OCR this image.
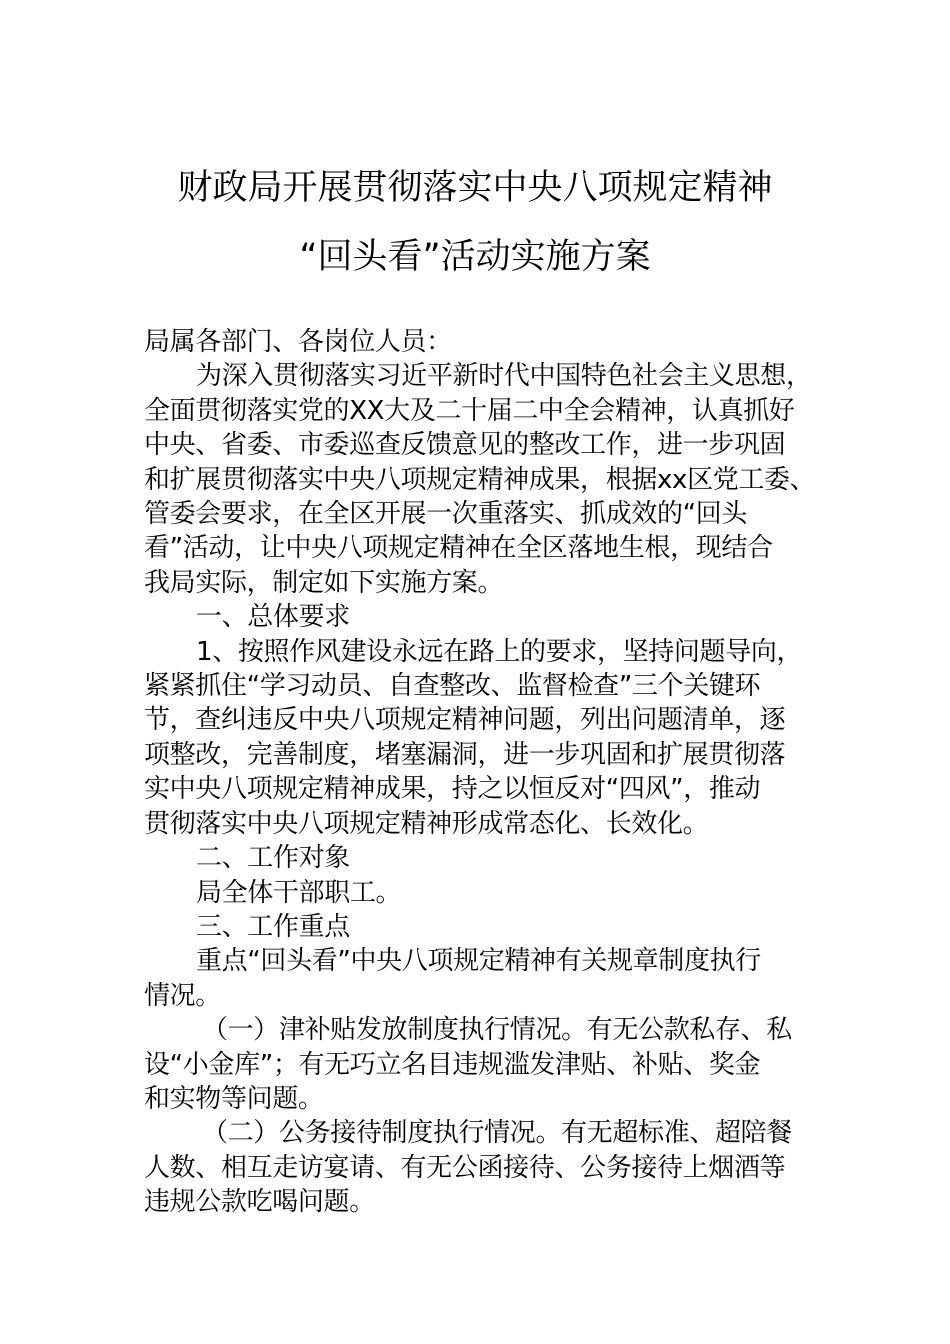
财政局开展贯彻落实中央八项规定精神
“回头看”活动实施方案

局属各部门、各岗位人员：

为深入贯彻落实习近平新时代中国特色社会主义思想，

全面贯彻落实党的XX大及二十届二中全会精神，认真抓好

中央、省委、市委巡查反馈意见的整改工作，进一步巩固

和扩展贯彻落实中央八项规定精神成果，根据xx区党工委、

管委会要求，在全区开展一次重落实、抓成效的“回头

看”活动，让中央八项规定精神在全区落地生根，现结合

我局实际，制定如下实施方案。

一、总体要求

1、按照作风建设永远在路上的要求，坚持问题导向，

紧紧抓住“学习动员、自查整改、监督检查”三个关键环

节，查纠违反中央八项规定精神问题，列出问题清单，逐

项整改，完善制度，堵塞漏洞，进一步巩固和扩展贯彻落

实中央八项规定精神成果，持之以恒反对“四风”，推动

贯彻落实中央八项规定精神形成常态化、长效化。

二、工作对象

局全体干部职工。

三、工作重点

重点“回头看”中央八项规定精神有关规章制度执行

情况。

（一）津补贴发放制度执行情况。有无公款私存、私

设“小金库”；有无巧立名目违规滥发津贴、补贴、奖金

和实物等问题。

（二）公务接待制度执行情况。有无超标准、超陪餐

人数、相互走访宴请、有无公函接待、公务接待上烟酒等

违规公款吃喝问题。
